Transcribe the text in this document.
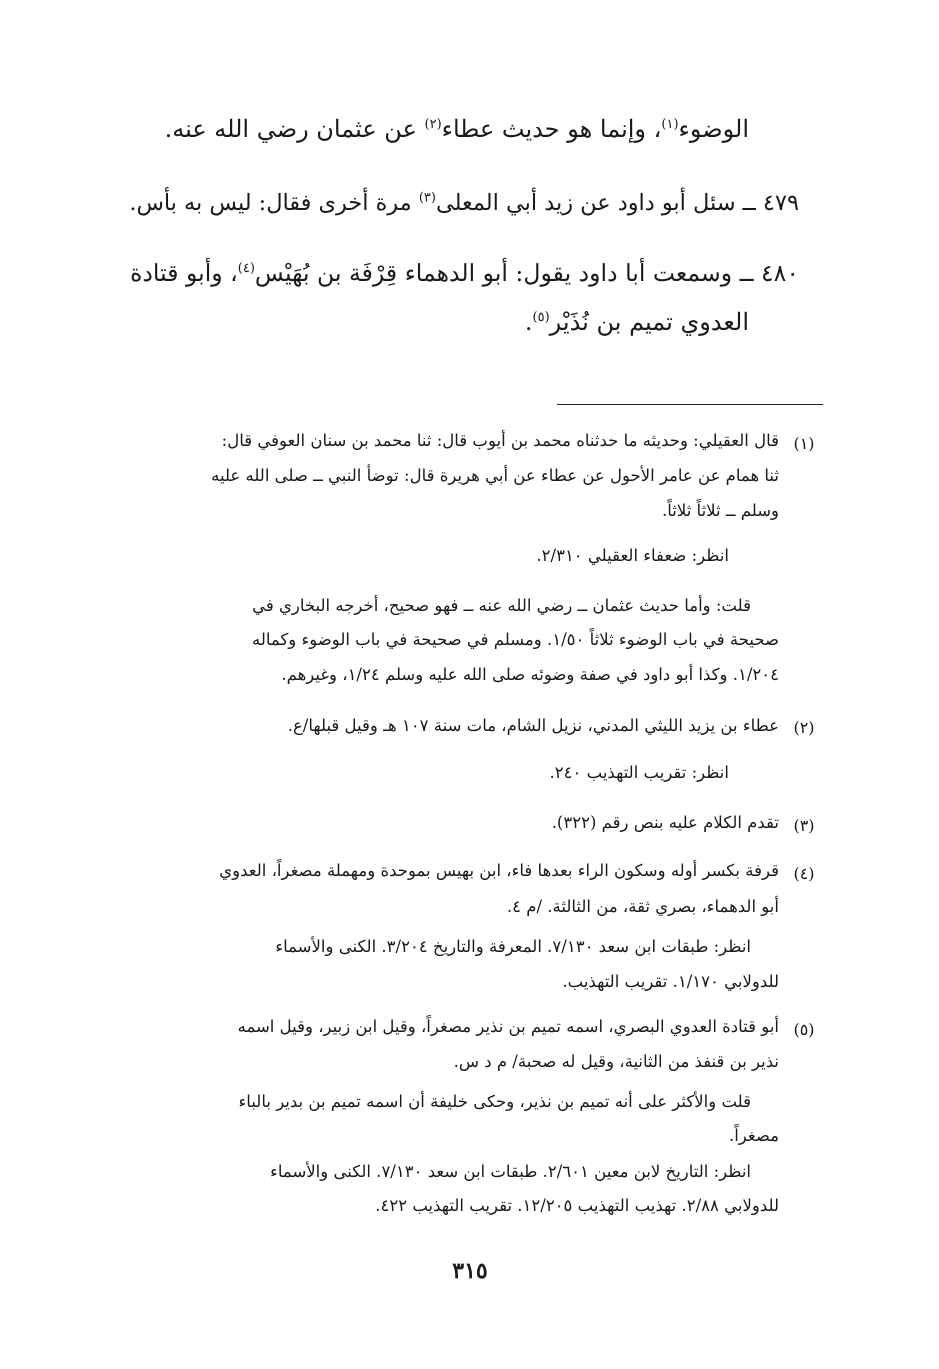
الوضوء$^{(١)}$، وإنما هو حديث عطاء$^{(٢)}$ عن عثمان رضي الله عنه.
٤٧٩ ــ سئل أبو داود عن زيد أبي المعلى$^{(٣)}$ مرة أخرى فقال: ليس به بأس.
٤٨٠ ــ وسمعت أبا داود يقول: أبو الدهماء قِرْفَة بن بُهَيْس$^{(٤)}$، وأبو قتادة
العدوي تميم بن نُذَيْر$^{(٥)}$.
(١)
قال العقيلي: وحديثه ما حدثناه محمد بن أيوب قال: ثنا محمد بن سنان العوفي قال:
ثنا همام عن عامر الأحول عن عطاء عن أبي هريرة قال: توضأ النبي ــ صلى الله عليه
وسلم ــ ثلاثاً ثلاثاً.
انظر: ضعفاء العقيلي ٢/٣١٠.
قلت: وأما حديث عثمان ــ رضي الله عنه ــ فهو صحيح، أخرجه البخاري في
صحيحة في باب الوضوء ثلاثاً ١/٥٠. ومسلم في صحيحة في باب الوضوء وكماله
١/٢٠٤. وكذا أبو داود في صفة وضوئه صلى الله عليه وسلم ١/٢٤، وغيرهم.
(٢)
عطاء بن يزيد الليثي المدني، نزيل الشام، مات سنة ١٠٧ هـ وقيل قبلها/ع.
انظر: تقريب التهذيب ٢٤٠.
(٣)
تقدم الكلام عليه بنص رقم (٣٢٢).
(٤)
قرفة بكسر أوله وسكون الراء بعدها فاء، ابن بهيس بموحدة ومهملة مصغراً، العدوي
أبو الدهماء، بصري ثقة، من الثالثة. /م ٤.
انظر: طبقات ابن سعد ٧/١٣٠. المعرفة والتاريخ ٣/٢٠٤. الكنى والأسماء
للدولابي ١/١٧٠. تقريب التهذيب.
(٥)
أبو قتادة العدوي البصري، اسمه تميم بن نذير مصغراً، وقيل ابن زبير، وقيل اسمه
نذير بن قنفذ من الثانية، وقيل له صحبة/ م د س.
قلت والأكثر على أنه تميم بن نذير، وحكى خليفة أن اسمه تميم بن بدير بالباء
مصغراً.
انظر: التاريخ لابن معين ٢/٦٠١. طبقات ابن سعد ٧/١٣٠. الكنى والأسماء
للدولابي ٢/٨٨. تهذيب التهذيب ١٢/٢٠٥. تقريب التهذيب ٤٢٢.
٣١٥
